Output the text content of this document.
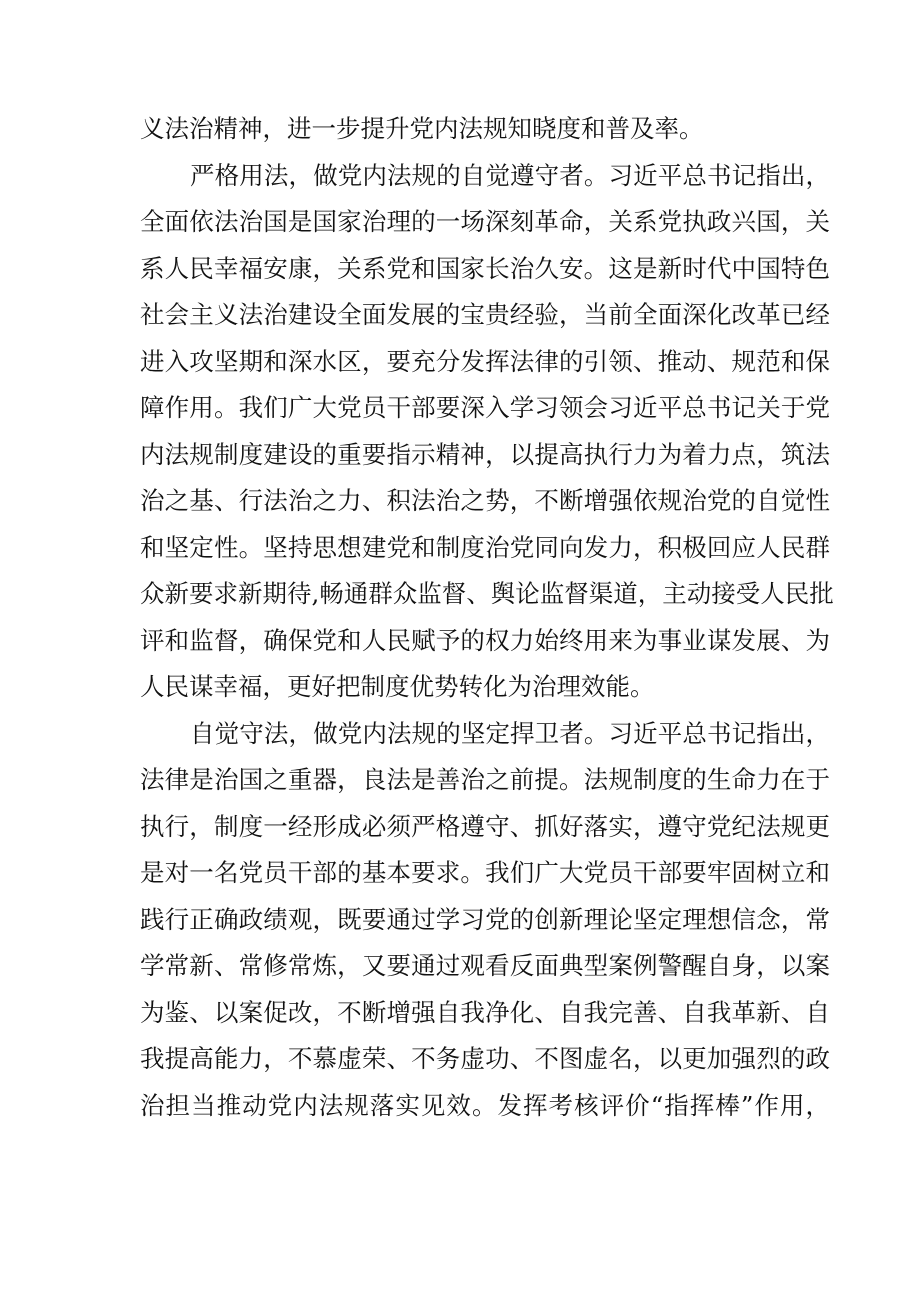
义法治精神，进一步提升党内法规知晓度和普及率。
严格用法，做党内法规的自觉遵守者。习近平总书记指出，
全面依法治国是国家治理的一场深刻革命，关系党执政兴国，关
系人民幸福安康，关系党和国家长治久安。这是新时代中国特色
社会主义法治建设全面发展的宝贵经验，当前全面深化改革已经
进入攻坚期和深水区，要充分发挥法律的引领、推动、规范和保
障作用。我们广大党员干部要深入学习领会习近平总书记关于党
内法规制度建设的重要指示精神，以提高执行力为着力点，筑法
治之基、行法治之力、积法治之势，不断增强依规治党的自觉性
和坚定性。坚持思想建党和制度治党同向发力，积极回应人民群
众新要求新期待,畅通群众监督、舆论监督渠道，主动接受人民批
评和监督，确保党和人民赋予的权力始终用来为事业谋发展、为
人民谋幸福，更好把制度优势转化为治理效能。
自觉守法，做党内法规的坚定捍卫者。习近平总书记指出，
法律是治国之重器，良法是善治之前提。法规制度的生命力在于
执行，制度一经形成必须严格遵守、抓好落实，遵守党纪法规更
是对一名党员干部的基本要求。我们广大党员干部要牢固树立和
践行正确政绩观，既要通过学习党的创新理论坚定理想信念，常
学常新、常修常炼，又要通过观看反面典型案例警醒自身，以案
为鉴、以案促改，不断增强自我净化、自我完善、自我革新、自
我提高能力，不慕虚荣、不务虚功、不图虚名，以更加强烈的政
治担当推动党内法规落实见效。发挥考核评价“指挥棒”作用，
